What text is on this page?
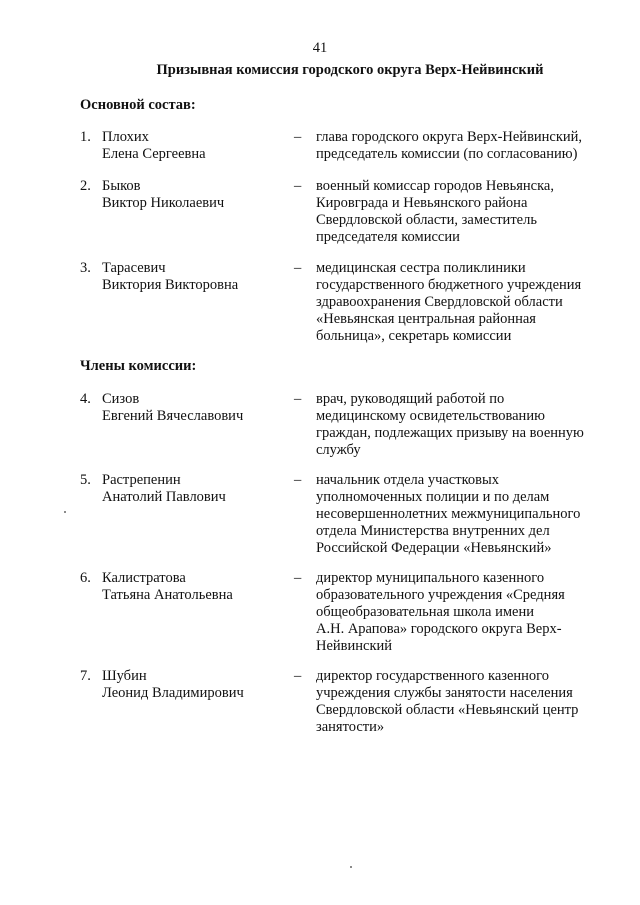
41
Призывная комиссия городского округа Верх-Нейвинский
Основной состав:
1. Плохих
Елена Сергеевна
–	глава городского округа Верх-Нейвинский,
председатель комиссии (по согласованию)
2. Быков
Виктор Николаевич
–	военный комиссар городов Невьянска,
Кировграда и Невьянского района
Свердловской области, заместитель
председателя комиссии
3. Тарасевич
Виктория Викторовна
–	медицинская сестра поликлиники
государственного бюджетного учреждения
здравоохранения Свердловской области
«Невьянская центральная районная
больница», секретарь комиссии
Члены комиссии:
4. Сизов
Евгений Вячеславович
–	врач, руководящий работой по
медицинскому освидетельствованию
граждан, подлежащих призыву на военную
службу
5. Растрепенин
Анатолий Павлович
–	начальник отдела участковых
уполномоченных полиции и по делам
несовершеннолетних межмуниципального
отдела Министерства внутренних дел
Российской Федерации «Невьянский»
6. Калистратова
Татьяна Анатольевна
–	директор муниципального казенного
образовательного учреждения «Средняя
общеобразовательная школа имени
А.Н. Арапова» городского округа Верх-
Нейвинский
7. Шубин
Леонид Владимирович
–	директор государственного казенного
учреждения службы занятости населения
Свердловской области «Невьянский центр
занятости»
